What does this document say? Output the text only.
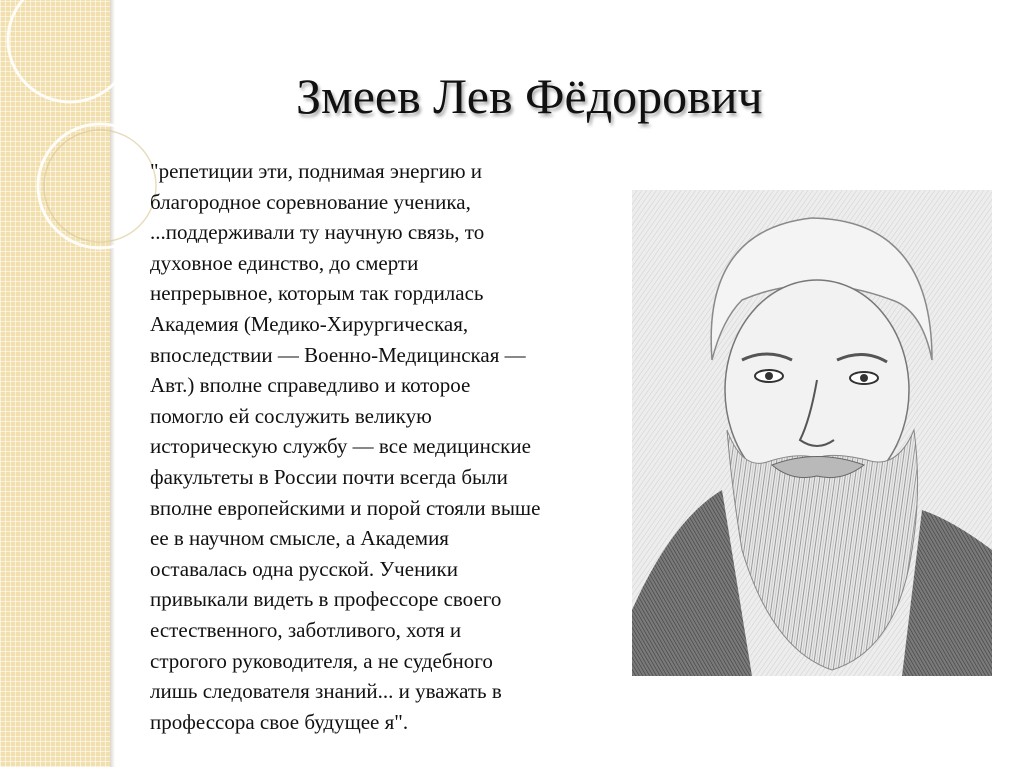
Змеев Лев Фёдорович

"репетиции эти, поднимая энергию и
благородное соревнование ученика,
...поддерживали ту научную связь, то
духовное единство, до смерти
непрерывное, которым так гордилась
Академия (Медико-Хирургическая,
впоследствии — Военно-Медицинская —
Авт.) вполне справедливо и которое
помогло ей сослужить великую
историческую службу — все медицинские
факультеты в России почти всегда были
вполне европейскими и порой стояли выше
ее в научном смысле, а Академия
оставалась одна русской. Ученики
привыкали видеть в профессоре своего
естественного, заботливого, хотя и
строгого руководителя, а не судебного
лишь следователя знаний... и уважать в
профессора свое будущее я".
